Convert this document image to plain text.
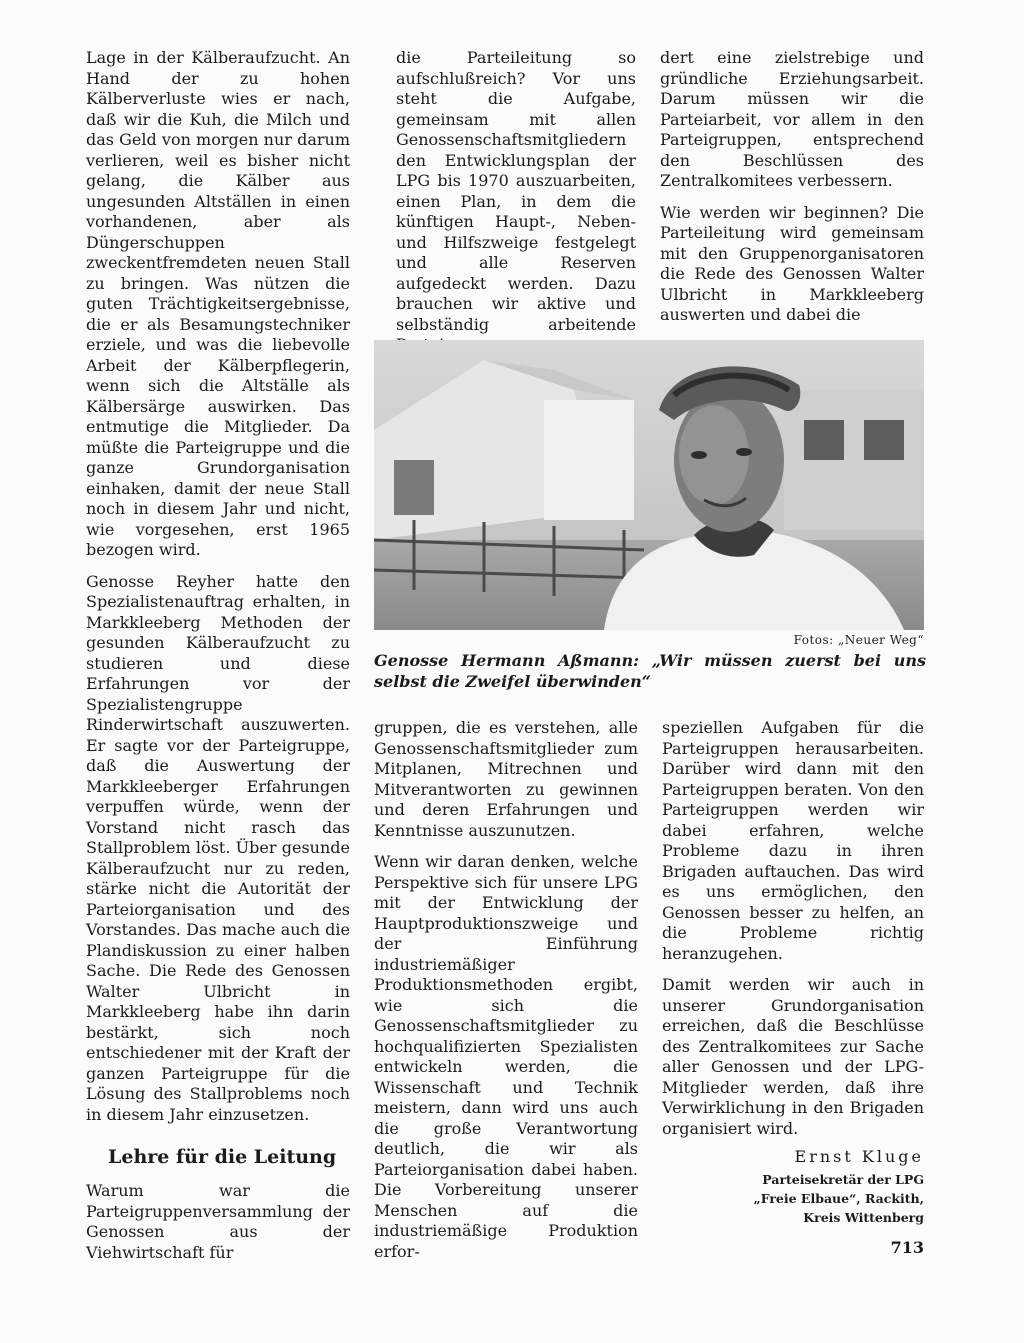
Lage in der Kälberaufzucht. An Hand der zu hohen Kälberverluste wies er nach, daß wir die Kuh, die Milch und das Geld von morgen nur darum verlieren, weil es bisher nicht gelang, die Kälber aus ungesunden Altställen in einen vorhandenen, aber als Düngerschuppen zweckentfremdeten neuen Stall zu bringen. Was nützen die guten Trächtigkeitsergebnisse, die er als Besamungstechniker erziele, und was die liebevolle Arbeit der Kälberpflegerin, wenn sich die Altställe als Kälbersärge auswirken. Das entmutige die Mitglieder. Da müßte die Parteigruppe und die ganze Grundorganisation einhaken, damit der neue Stall noch in diesem Jahr und nicht, wie vorgesehen, erst 1965 bezogen wird.

Genosse Reyher hatte den Spezialistenauftrag erhalten, in Markkleeberg Methoden der gesunden Kälberaufzucht zu studieren und diese Erfahrungen vor der Spezialistengruppe Rinderwirtschaft auszuwerten. Er sagte vor der Parteigruppe, daß die Auswertung der Markkleeberger Erfahrungen verpuffen würde, wenn der Vorstand nicht rasch das Stallproblem löst. Über gesunde Kälberaufzucht nur zu reden, stärke nicht die Autorität der Parteiorganisation und des Vorstandes. Das mache auch die Plandiskussion zu einer halben Sache. Die Rede des Genossen Walter Ulbricht in Markkleeberg habe ihn darin bestärkt, sich noch entschiedener mit der Kraft der ganzen Parteigruppe für die Lösung des Stallproblems noch in diesem Jahr einzusetzen.

Lehre für die Leitung

Warum war die Parteigruppenversammlung der Genossen aus der Viehwirtschaft für

die Parteileitung so aufschlußreich? Vor uns steht die Aufgabe, gemeinsam mit allen Genossenschaftsmitgliedern den Entwicklungsplan der LPG bis 1970 auszuarbeiten, einen Plan, in dem die künftigen Haupt-, Neben- und Hilfszweige festgelegt und alle Reserven aufgedeckt werden. Dazu brauchen wir aktive und selbständig arbeitende

dert eine zielstrebige und gründliche Erziehungsarbeit. Darum müssen wir die Parteiarbeit, vor allem in den Parteigruppen, entsprechend den Beschlüssen des Zentralkomitees verbessern.

Wie werden wir beginnen? Die Parteileitung wird gemeinsam mit den Gruppenorganisatoren die Rede des Genossen Walter Ulbricht in Markkleeberg auswerten und dabei die

Fotos: „Neuer Weg“
Genosse Hermann Aßmann: „Wir müssen zuerst bei uns selbst die Zweifel überwinden“

gruppen, die es verstehen, alle Genossenschaftsmitglieder zum Mitplanen, Mitrechnen und Mitverantworten zu gewinnen und deren Erfahrungen und Kenntnisse auszunutzen.

Wenn wir daran denken, welche Perspektive sich für unsere LPG mit der Entwicklung der Hauptproduktionszweige und der Einführung industriemäßiger Produktionsmethoden ergibt, wie sich die Genossenschaftsmitglieder zu hochqualifizierten Spezialisten entwickeln werden, die Wissenschaft und Technik meistern, dann wird uns auch die große Verantwortung deutlich, die wir als Parteiorganisation dabei haben. Die Vorbereitung unserer Menschen auf die industriemäßige Produktion erfor-

speziellen Aufgaben für die Parteigruppen herausarbeiten. Darüber wird dann mit den Parteigruppen beraten. Von den Parteigruppen werden wir dabei erfahren, welche Probleme dazu in ihren Brigaden auftauchen. Das wird es uns ermöglichen, den Genossen besser zu helfen, an die Probleme richtig heranzugehen.

Damit werden wir auch in unserer Grundorganisation erreichen, daß die Beschlüsse des Zentralkomitees zur Sache aller Genossen und der LPG-Mitglieder werden, daß ihre Verwirklichung in den Brigaden organisiert wird.

Ernst Kluge
Parteisekretär der LPG
„Freie Elbaue“, Rackith,
Kreis Wittenberg
713
